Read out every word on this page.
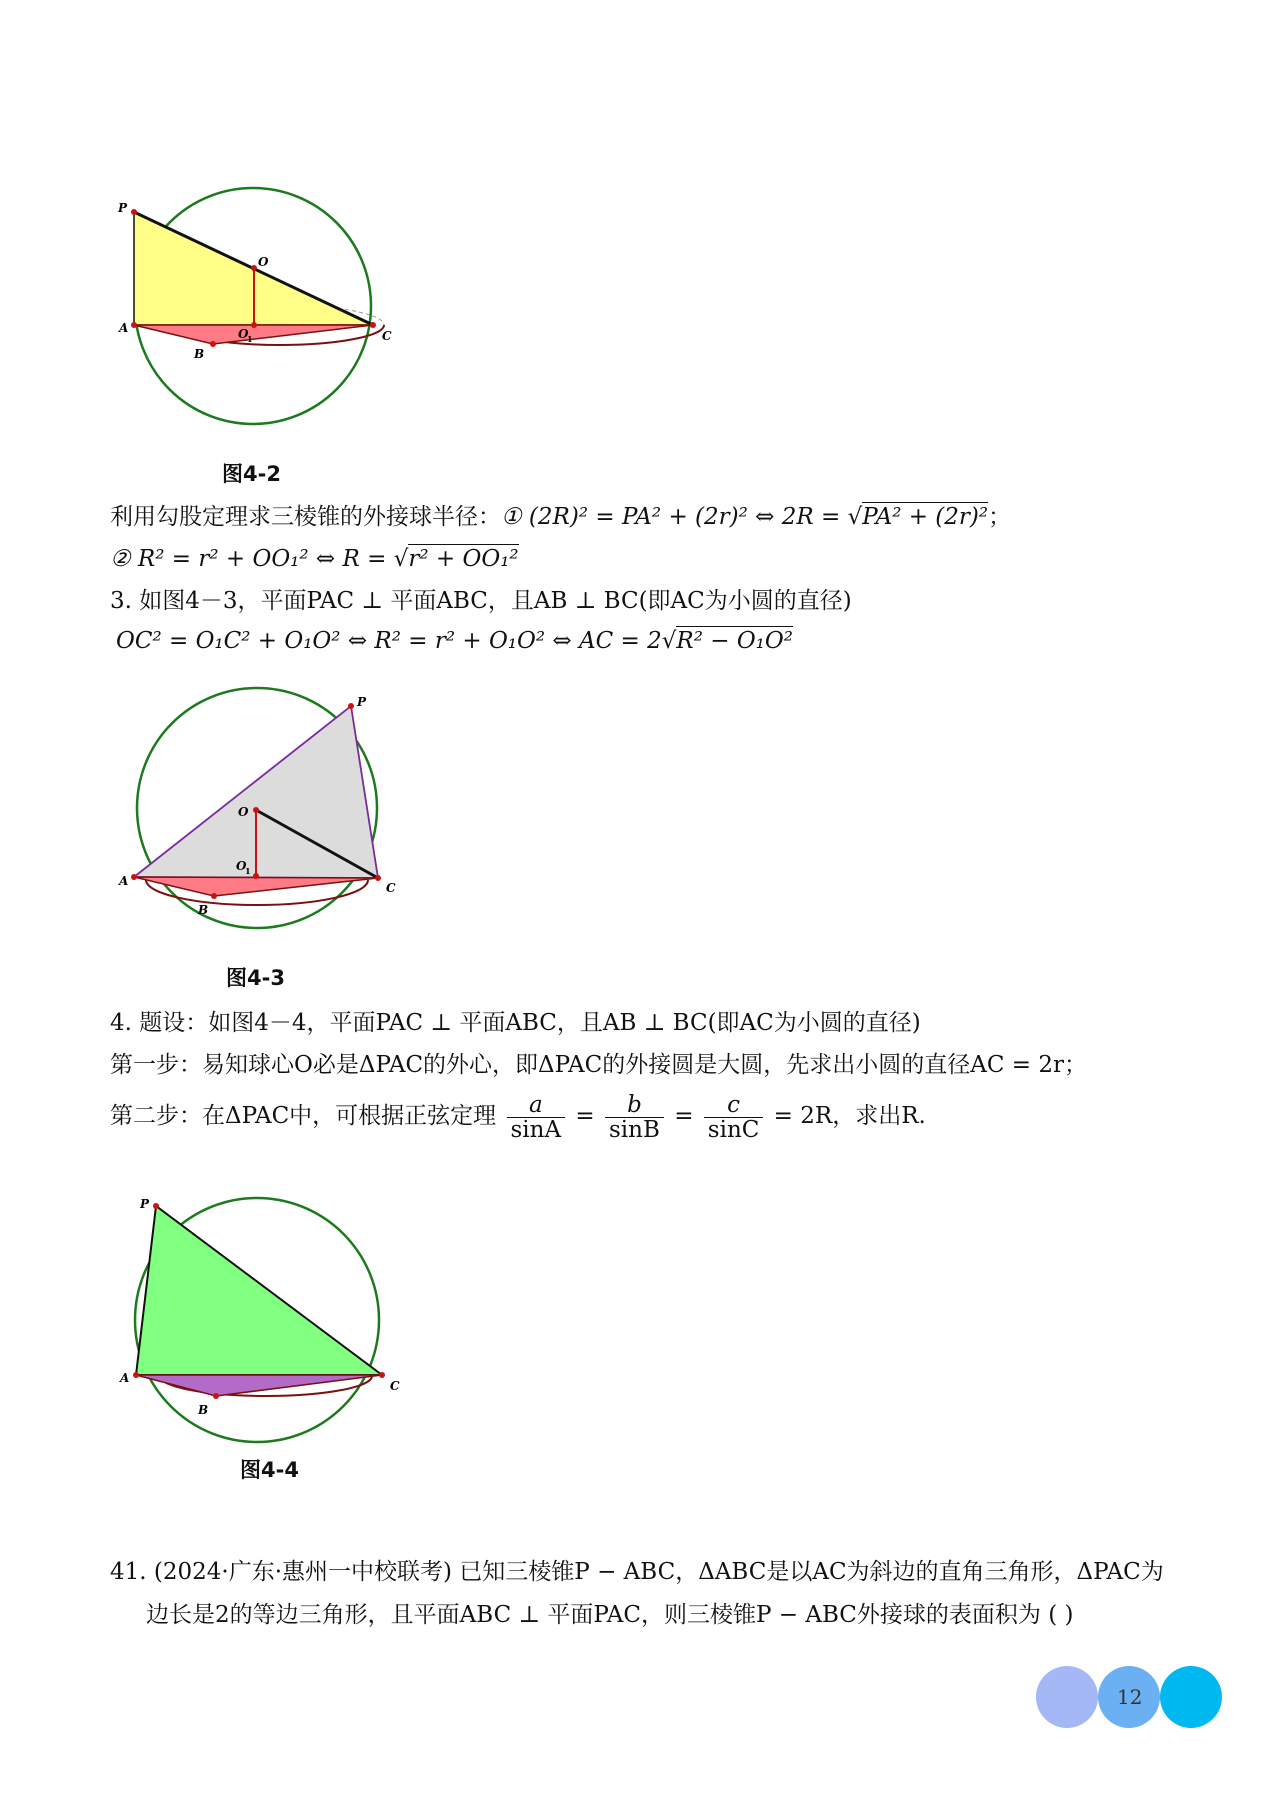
P
O
O
1
A
B
C
图4-2
利用勾股定理求三棱锥的外接球半径：① (2R)² = PA² + (2r)² ⇔ 2R = √PA² + (2r)²；
② R² = r² + OO₁² ⇔ R = √r² + OO₁²
3. 如图4－3，平面PAC ⊥ 平面ABC，且AB ⊥ BC(即AC为小圆的直径)
OC² = O₁C² + O₁O² ⇔ R² = r² + O₁O² ⇔ AC = 2√R² − O₁O²
P
O
O
1
A
B
C
图4-3
4. 题设：如图4－4，平面PAC ⊥ 平面ABC，且AB ⊥ BC(即AC为小圆的直径)
第一步：易知球心O必是ΔPAC的外心，即ΔPAC的外接圆是大圆，先求出小圆的直径AC = 2r；
第二步：在ΔPAC中，可根据正弦定理 $\frac{a}{\sin A} = \frac{b}{\sin B} = \frac{c}{\sin C} = 2R$，求出R.
P
A
B
C
图4-4
41. (2024·广东·惠州一中校联考) 已知三棱锥P − ABC，ΔABC是以AC为斜边的直角三角形，ΔPAC为
边长是2的等边三角形，且平面ABC ⊥ 平面PAC，则三棱锥P − ABC外接球的表面积为 ( )
12
